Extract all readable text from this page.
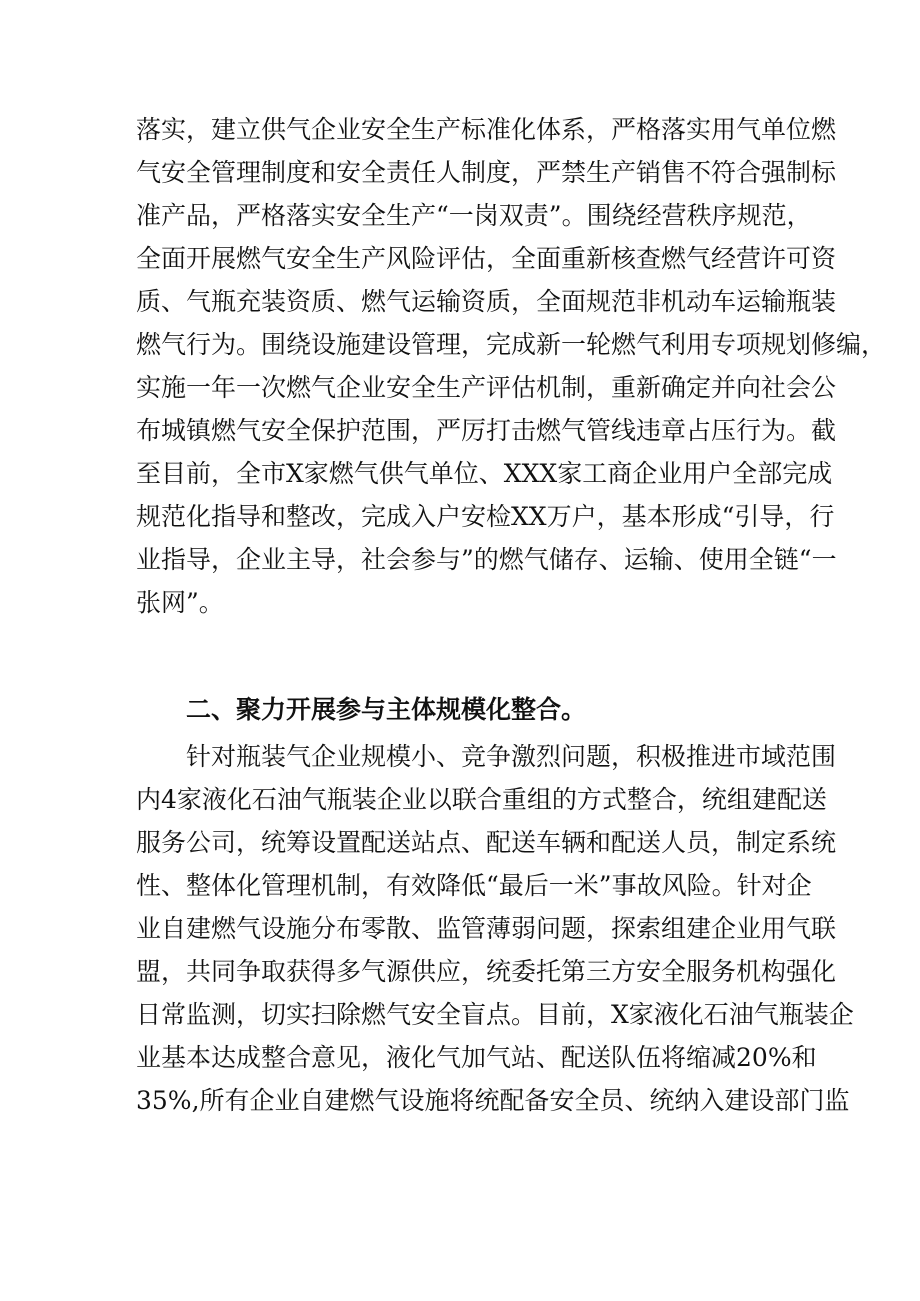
落实，建立供气企业安全生产标准化体系，严格落实用气单位燃
气安全管理制度和安全责任人制度，严禁生产销售不符合强制标
准产品，严格落实安全生产“一岗双责”。围绕经营秩序规范，
全面开展燃气安全生产风险评估，全面重新核查燃气经营许可资
质、气瓶充装资质、燃气运输资质，全面规范非机动车运输瓶装
燃气行为。围绕设施建设管理，完成新一轮燃气利用专项规划修编，
实施一年一次燃气企业安全生产评估机制，重新确定并向社会公
布城镇燃气安全保护范围，严厉打击燃气管线违章占压行为。截
至目前，全市X家燃气供气单位、XXX家工商企业用户全部完成
规范化指导和整改，完成入户安检XX万户，基本形成“引导，行
业指导，企业主导，社会参与”的燃气储存、运输、使用全链“一
张网”。
二、聚力开展参与主体规模化整合。
针对瓶装气企业规模小、竞争激烈问题，积极推进市域范围
内4家液化石油气瓶装企业以联合重组的方式整合，统组建配送
服务公司，统筹设置配送站点、配送车辆和配送人员，制定系统
性、整体化管理机制，有效降低“最后一米”事故风险。针对企
业自建燃气设施分布零散、监管薄弱问题，探索组建企业用气联
盟，共同争取获得多气源供应，统委托第三方安全服务机构强化
日常监测，切实扫除燃气安全盲点。目前，X家液化石油气瓶装企
业基本达成整合意见，液化气加气站、配送队伍将缩减20%和
35%,所有企业自建燃气设施将统配备安全员、统纳入建设部门监
